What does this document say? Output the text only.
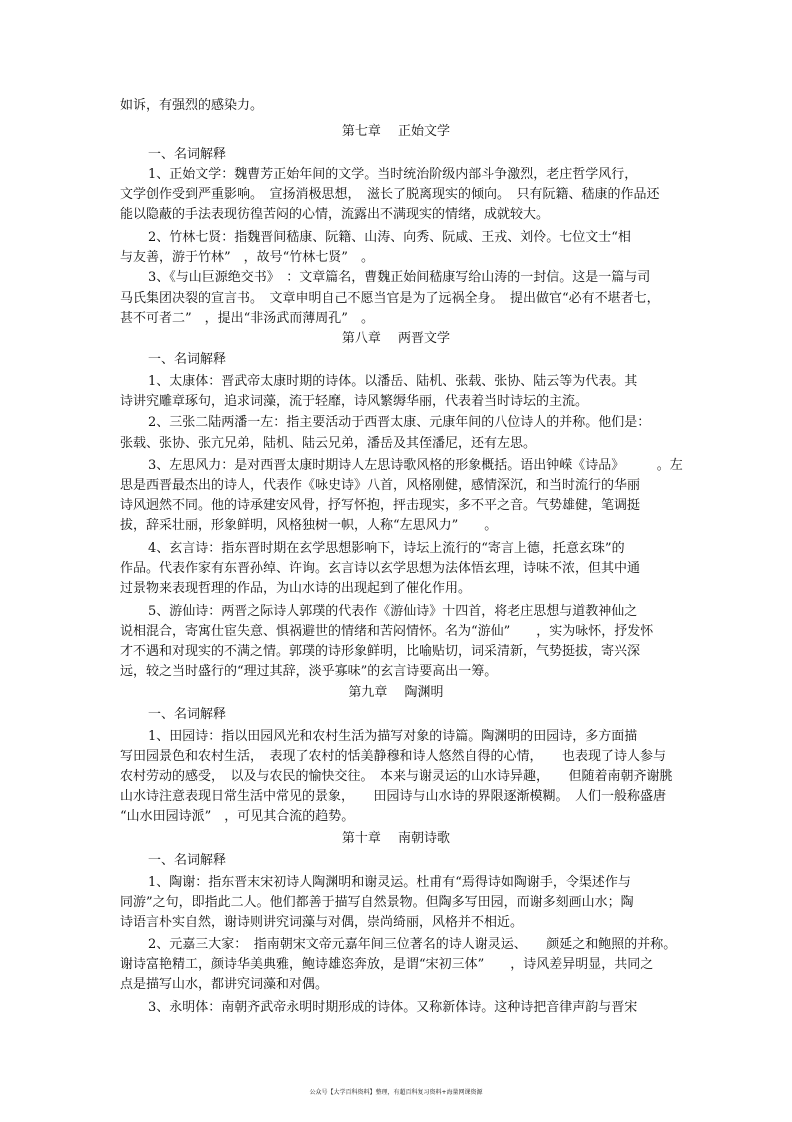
如诉，有强烈的感染力。
第七章　 正始文学
一、名词解释
1、正始文学：魏曹芳正始年间的文学。当时统治阶级内部斗争激烈，老庄哲学风行，
文学创作受到严重影响。　宣扬消极思想，　滋长了脱离现实的倾向。　只有阮籍、嵇康的作品还
能以隐蔽的手法表现彷徨苦闷的心情，流露出不满现实的情绪，成就较大。
2、竹林七贤：指魏晋间嵇康、阮籍、山涛、向秀、阮咸、王戎、刘伶。七位文士“相
与友善，游于竹林”　，故号“竹林七贤”　。
3、《与山巨源绝交书》　：文章篇名，曹魏正始间嵇康写给山涛的一封信。这是一篇与司
马氏集团决裂的宣言书。　文章申明自己不愿当官是为了远祸全身。　提出做官“必有不堪者七，
甚不可者二”　，提出“非汤武而薄周孔”　。
第八章　 两晋文学
一、名词解释
1、太康体：晋武帝太康时期的诗体。以潘岳、陆机、张载、张协、陆云等为代表。其
诗讲究雕章琢句，追求词藻，流于轻靡，诗风繁缛华丽，代表着当时诗坛的主流。
2、三张二陆两潘一左：指主要活动于西晋太康、元康年间的八位诗人的并称。他们是：
张载、张协、张亢兄弟，陆机、陆云兄弟，潘岳及其侄潘尼，还有左思。
3、左思风力：是对西晋太康时期诗人左思诗歌风格的形象概括。语出钟嵘《诗品》　　　。左
思是西晋最杰出的诗人，代表作《咏史诗》八首，风格刚健，感情深沉，和当时流行的华丽
诗风迥然不同。他的诗承建安风骨，抒写怀抱，抨击现实，多不平之音。气势雄健，笔调挺
拔，辞采壮丽，形象鲜明，风格独树一帜，人称“左思风力”　　。
4、玄言诗：指东晋时期在玄学思想影响下，诗坛上流行的“寄言上德，托意玄珠”的
作品。代表作家有东晋孙绰、许询。玄言诗以玄学思想为法体悟玄理，诗味不浓，但其中通
过景物来表现哲理的作品，为山水诗的出现起到了催化作用。
5、游仙诗：两晋之际诗人郭璞的代表作《游仙诗》十四首，将老庄思想与道教神仙之
说相混合，寄寓仕宦失意、惧祸避世的情绪和苦闷情怀。名为“游仙”　　，实为咏怀，抒发怀
才不遇和对现实的不满之情。郭璞的诗形象鲜明，比喻贴切，词采清新，气势挺拔，寄兴深
远，较之当时盛行的“理过其辞，淡乎寡味”的玄言诗要高出一筹。
第九章　 陶渊明
一、名词解释
1、田园诗：指以田园风光和农村生活为描写对象的诗篇。陶渊明的田园诗，多方面描
写田园景色和农村生活，　表现了农村的恬美静穆和诗人悠然自得的心情，　　也表现了诗人参与
农村劳动的感受，　以及与农民的愉快交往。　本来与谢灵运的山水诗异趣，　　但随着南朝齐谢朓
山水诗注意表现日常生活中常见的景象，　　田园诗与山水诗的界限逐渐模糊。　人们一般称盛唐
“山水田园诗派”　，可见其合流的趋势。
第十章　 南朝诗歌
一、名词解释
1、陶谢：指东晋末宋初诗人陶渊明和谢灵运。杜甫有“焉得诗如陶谢手，令渠述作与
同游”之句，即指此二人。他们都善于描写自然景物。但陶多写田园，而谢多刻画山水；陶
诗语言朴实自然，谢诗则讲究词藻与对偶，崇尚绮丽，风格并不相近。
2、元嘉三大家：　指南朝宋文帝元嘉年间三位著名的诗人谢灵运、　　颜延之和鲍照的并称。
谢诗富艳精工，颜诗华美典雅，鲍诗雄恣奔放，是谓“宋初三体”　　，诗风差异明显，共同之
点是描写山水，都讲究词藻和对偶。
3、永明体：南朝齐武帝永明时期形成的诗体。又称新体诗。这种诗把音律声韵与晋宋
公众号【大学百科资料】整理，有超百科复习资料+海量网课资源
